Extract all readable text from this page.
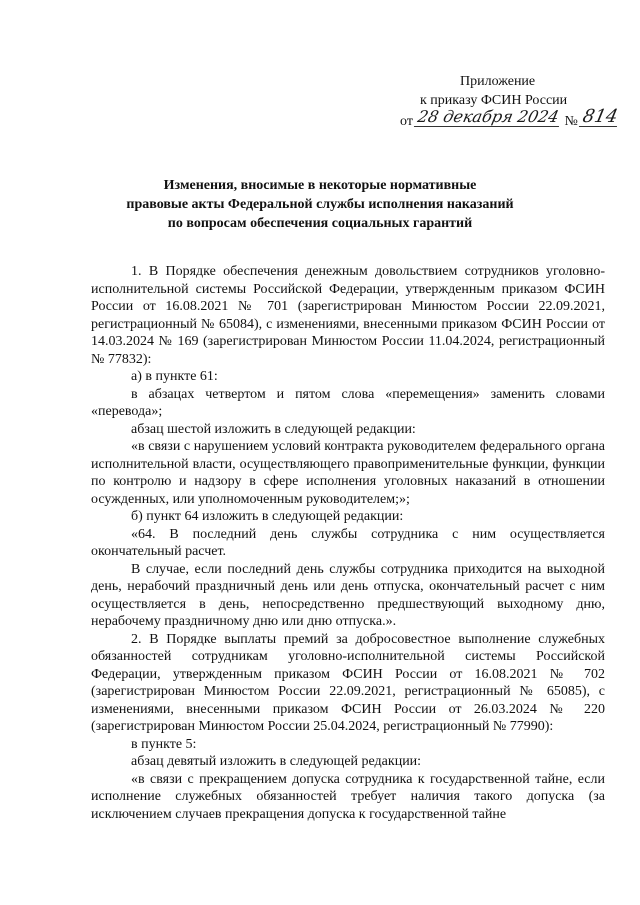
Приложение
к приказу ФСИН России
от 28 декабря 2024 № 814
Изменения, вносимые в некоторые нормативные
правовые акты Федеральной службы исполнения наказаний
по вопросам обеспечения социальных гарантий

1. В Порядке обеспечения денежным довольствием сотрудников уголовно-исполнительной системы Российской Федерации, утвержденным приказом ФСИН России от 16.08.2021 № 701 (зарегистрирован Минюстом России 22.09.2021, регистрационный № 65084), с изменениями, внесенными приказом ФСИН России от 14.03.2024 № 169 (зарегистрирован Минюстом России 11.04.2024, регистрационный № 77832):

а) в пункте 61:

в абзацах четвертом и пятом слова «перемещения» заменить словами «перевода»;

абзац шестой изложить в следующей редакции:

«в связи с нарушением условий контракта руководителем федерального органа исполнительной власти, осуществляющего правоприменительные функции, функции по контролю и надзору в сфере исполнения уголовных наказаний в отношении осужденных, или уполномоченным руководителем;»;

б) пункт 64 изложить в следующей редакции:

«64. В последний день службы сотрудника с ним осуществляется окончательный расчет.

В случае, если последний день службы сотрудника приходится на выходной день, нерабочий праздничный день или день отпуска, окончательный расчет с ним осуществляется в день, непосредственно предшествующий выходному дню, нерабочему праздничному дню или дню отпуска.».

2. В Порядке выплаты премий за добросовестное выполнение служебных обязанностей сотрудникам уголовно-исполнительной системы Российской Федерации, утвержденным приказом ФСИН России от 16.08.2021 № 702 (зарегистрирован Минюстом России 22.09.2021, регистрационный № 65085), с изменениями, внесенными приказом ФСИН России от 26.03.2024 № 220 (зарегистрирован Минюстом России 25.04.2024, регистрационный № 77990):

в пункте 5:

абзац девятый изложить в следующей редакции:

«в связи с прекращением допуска сотрудника к государственной тайне, если исполнение служебных обязанностей требует наличия такого допуска (за исключением случаев прекращения допуска к государственной тайне
